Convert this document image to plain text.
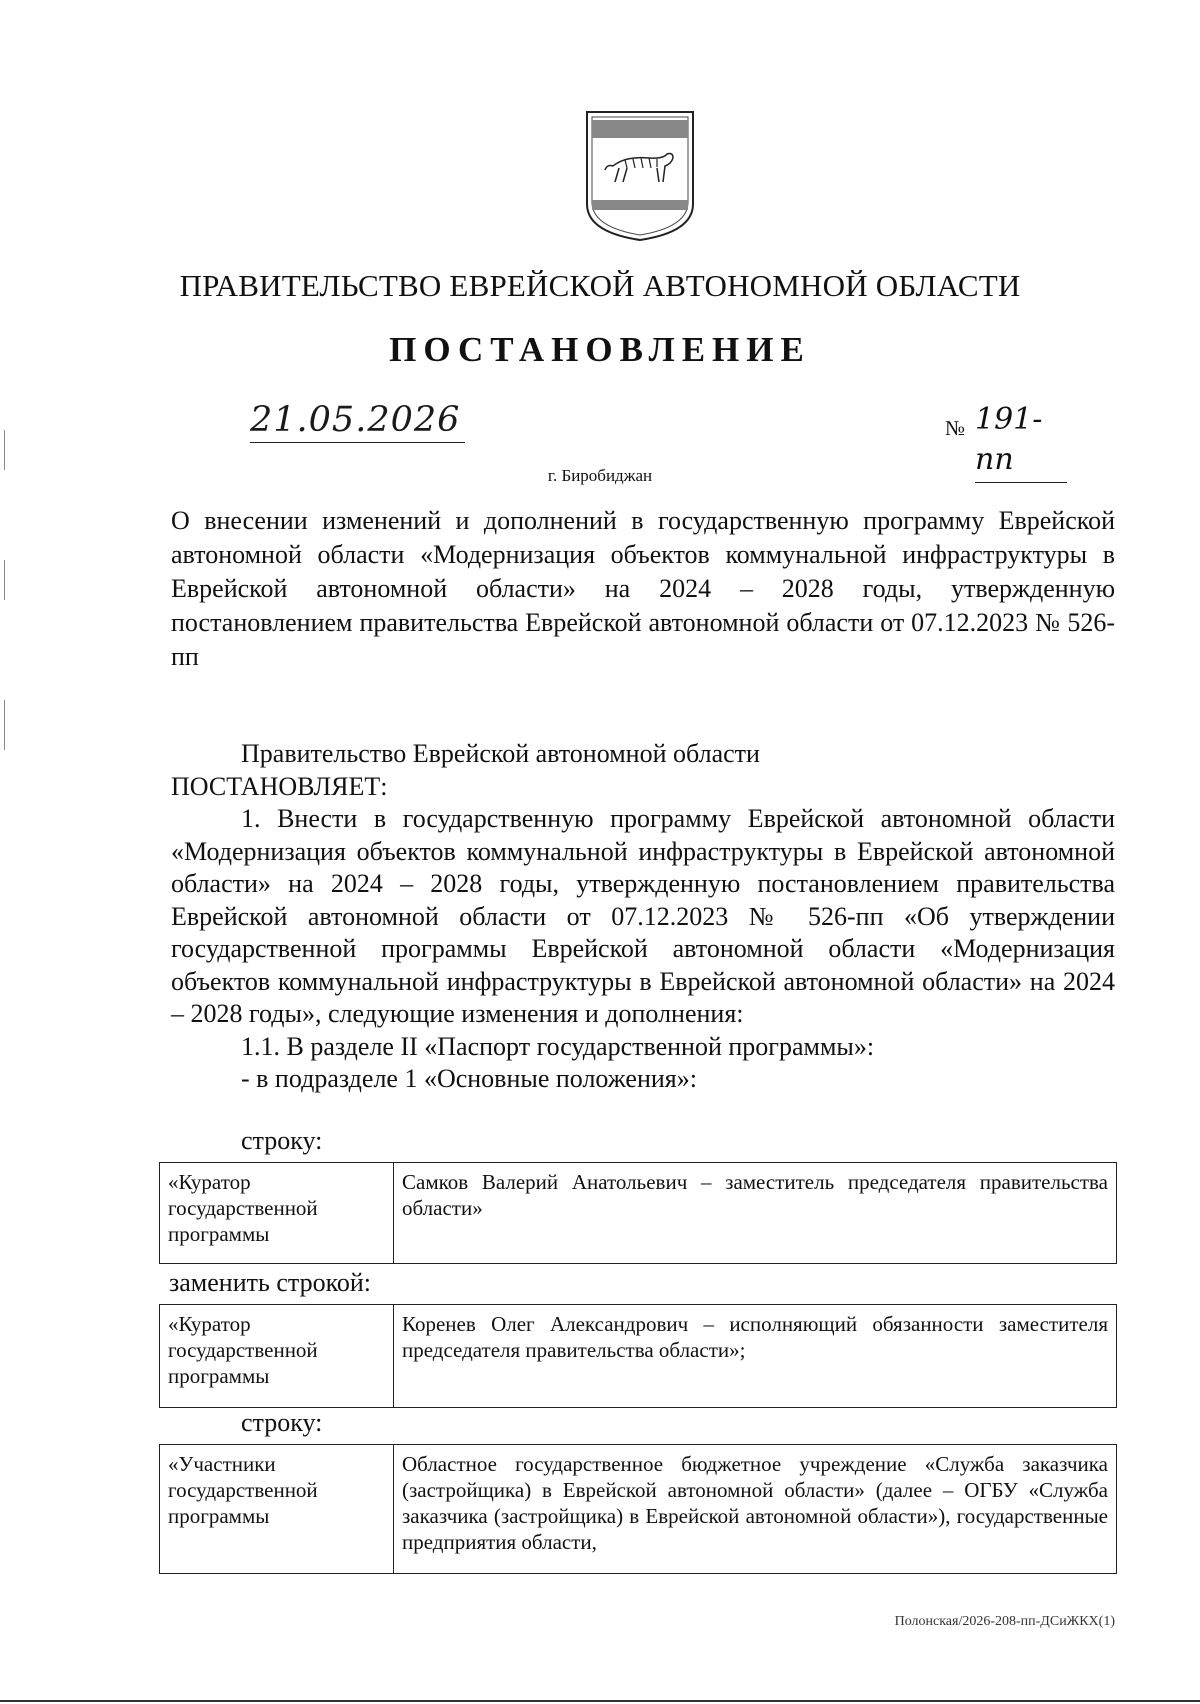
ПРАВИТЕЛЬСТВО ЕВРЕЙСКОЙ АВТОНОМНОЙ ОБЛАСТИ
ПОСТАНОВЛЕНИЕ
21.05.2026	№ 191-пп
г. Биробиджан
О внесении изменений и дополнений в государственную программу Еврейской автономной области «Модернизация объектов коммунальной инфраструктуры в Еврейской автономной области» на 2024 – 2028 годы, утвержденную постановлением правительства Еврейской автономной области от 07.12.2023 № 526-пп
Правительство Еврейской автономной области
ПОСТАНОВЛЯЕТ:
1. Внести в государственную программу Еврейской автономной области «Модернизация объектов коммунальной инфраструктуры в Еврейской автономной области» на 2024 – 2028 годы, утвержденную постановлением правительства Еврейской автономной области от 07.12.2023 № 526-пп «Об утверждении государственной программы Еврейской автономной области «Модернизация объектов коммунальной инфраструктуры в Еврейской автономной области» на 2024 – 2028 годы», следующие изменения и дополнения:
1.1. В разделе II «Паспорт государственной программы»:
- в подразделе 1 «Основные положения»:
строку:
«Куратор государственной программы
Самков Валерий Анатольевич – заместитель председателя правительства области»
заменить строкой:
«Куратор государственной программы
Коренев Олег Александрович – исполняющий обязанности заместителя председателя правительства области»;
строку:
«Участники государственной программы
Областное государственное бюджетное учреждение «Служба заказчика (застройщика) в Еврейской автономной области» (далее – ОГБУ «Служба заказчика (застройщика) в Еврейской автономной области»), государственные предприятия области,
Полонская/2026-208-пп-ДСиЖКХ(1)
